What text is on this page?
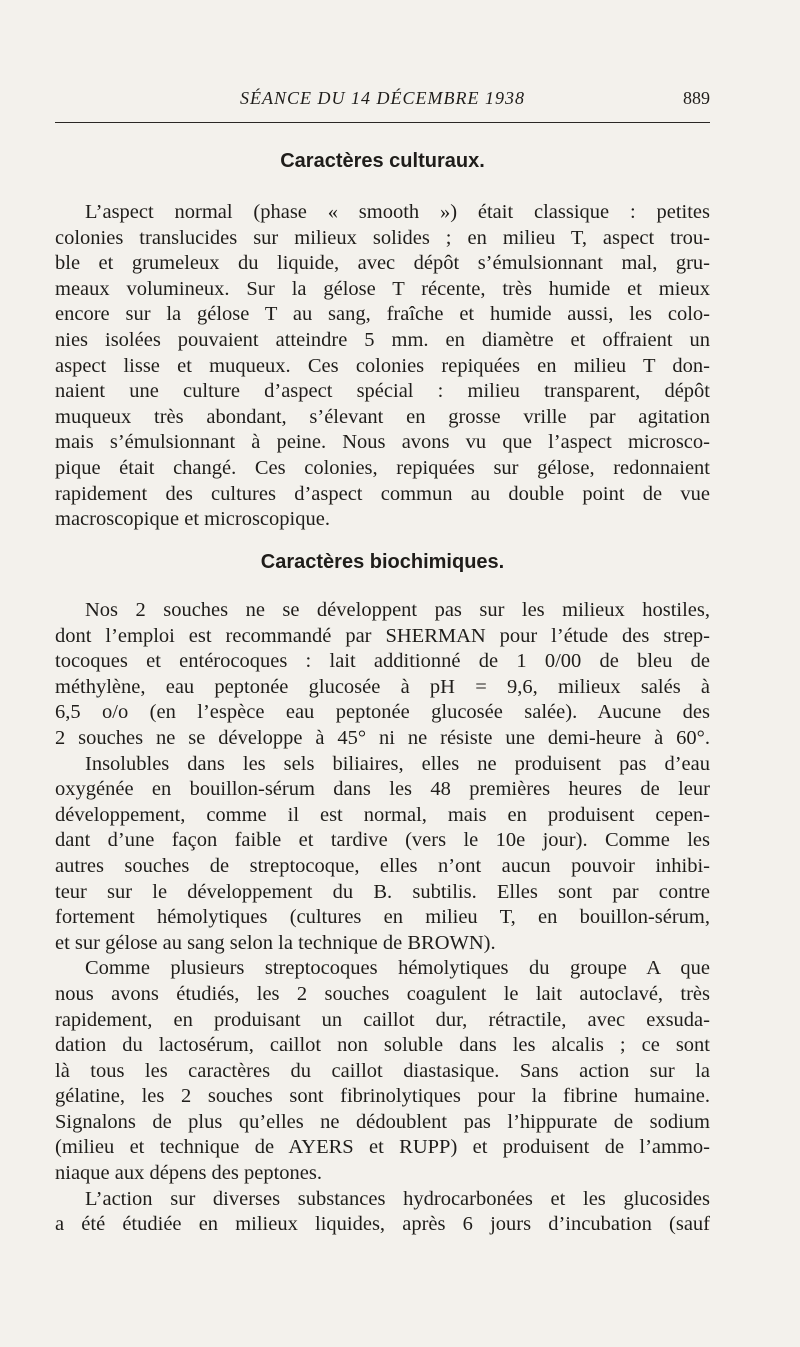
SÉANCE DU 14 DÉCEMBRE 1938	889
Caractères culturaux.
L’aspect normal (phase « smooth ») était classique : petites
colonies translucides sur milieux solides ; en milieu T, aspect trou-
ble et grumeleux du liquide, avec dépôt s’émulsionnant mal, gru-
meaux volumineux. Sur la gélose T récente, très humide et mieux
encore sur la gélose T au sang, fraîche et humide aussi, les colo-
nies isolées pouvaient atteindre 5 mm. en diamètre et offraient un
aspect lisse et muqueux. Ces colonies repiquées en milieu T don-
naient une culture d’aspect spécial : milieu transparent, dépôt
muqueux très abondant, s’élevant en grosse vrille par agitation
mais s’émulsionnant à peine. Nous avons vu que l’aspect microsco-
pique était changé. Ces colonies, repiquées sur gélose, redonnaient
rapidement des cultures d’aspect commun au double point de vue
macroscopique et microscopique.
Caractères biochimiques.
Nos 2 souches ne se développent pas sur les milieux hostiles,
dont l’emploi est recommandé par SHERMAN pour l’étude des strep-
tocoques et entérocoques : lait additionné de 1 0/00 de bleu de
méthylène, eau peptonée glucosée à pH = 9,6, milieux salés à
6,5 o/o (en l’espèce eau peptonée glucosée salée). Aucune des
2 souches ne se développe à 45° ni ne résiste une demi-heure à 60°.
Insolubles dans les sels biliaires, elles ne produisent pas d’eau
oxygénée en bouillon-sérum dans les 48 premières heures de leur
développement, comme il est normal, mais en produisent cepen-
dant d’une façon faible et tardive (vers le 10e jour). Comme les
autres souches de streptocoque, elles n’ont aucun pouvoir inhibi-
teur sur le développement du B. subtilis. Elles sont par contre
fortement hémolytiques (cultures en milieu T, en bouillon-sérum,
et sur gélose au sang selon la technique de BROWN).
Comme plusieurs streptocoques hémolytiques du groupe A que
nous avons étudiés, les 2 souches coagulent le lait autoclavé, très
rapidement, en produisant un caillot dur, rétractile, avec exsuda-
dation du lactosérum, caillot non soluble dans les alcalis ; ce sont
là tous les caractères du caillot diastasique. Sans action sur la
gélatine, les 2 souches sont fibrinolytiques pour la fibrine humaine.
Signalons de plus qu’elles ne dédoublent pas l’hippurate de sodium
(milieu et technique de AYERS et RUPP) et produisent de l’ammo-
niaque aux dépens des peptones.
L’action sur diverses substances hydrocarbonées et les glucosides
a été étudiée en milieux liquides, après 6 jours d’incubation (sauf
